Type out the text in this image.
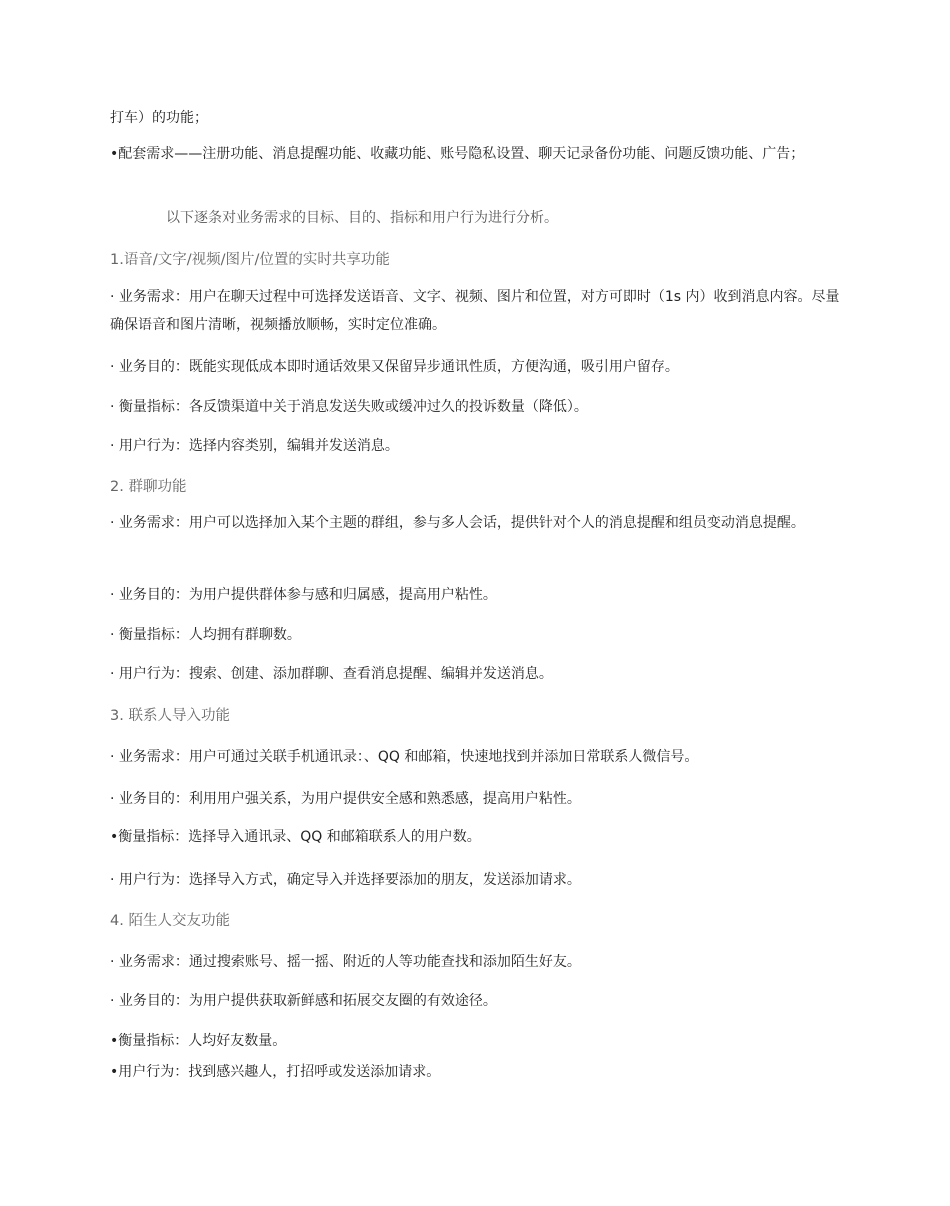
打车）的功能；
•配套需求——注册功能、消息提醒功能、收藏功能、账号隐私设置、聊天记录备份功能、问题反馈功能、广告；
以下逐条对业务需求的目标、目的、指标和用户行为进行分析。
1.语音/文字/视频/图片/位置的实时共享功能
· 业务需求：用户在聊天过程中可选择发送语音、文字、视频、图片和位置，对方可即时（1s 内）收到消息内容。尽量确保语音和图片清晰，视频播放顺畅，实时定位准确。
· 业务目的：既能实现低成本即时通话效果又保留异步通讯性质，方便沟通，吸引用户留存。
· 衡量指标：各反馈渠道中关于消息发送失败或缓冲过久的投诉数量（降低）。
· 用户行为：选择内容类别，编辑并发送消息。
2. 群聊功能
· 业务需求：用户可以选择加入某个主题的群组，参与多人会话，提供针对个人的消息提醒和组员变动消息提醒。
· 业务目的：为用户提供群体参与感和归属感，提高用户粘性。
· 衡量指标：人均拥有群聊数。
· 用户行为：搜索、创建、添加群聊、查看消息提醒、编辑并发送消息。
3. 联系人导入功能
· 业务需求：用户可通过关联手机通讯录：、QQ 和邮箱，快速地找到并添加日常联系人微信号。
· 业务目的：利用用户强关系，为用户提供安全感和熟悉感，提高用户粘性。
•衡量指标：选择导入通讯录、QQ 和邮箱联系人的用户数。
· 用户行为：选择导入方式，确定导入并选择要添加的朋友，发送添加请求。
4. 陌生人交友功能
· 业务需求：通过搜索账号、摇一摇、附近的人等功能查找和添加陌生好友。
· 业务目的：为用户提供获取新鲜感和拓展交友圈的有效途径。
•衡量指标：人均好友数量。
•用户行为：找到感兴趣人，打招呼或发送添加请求。
